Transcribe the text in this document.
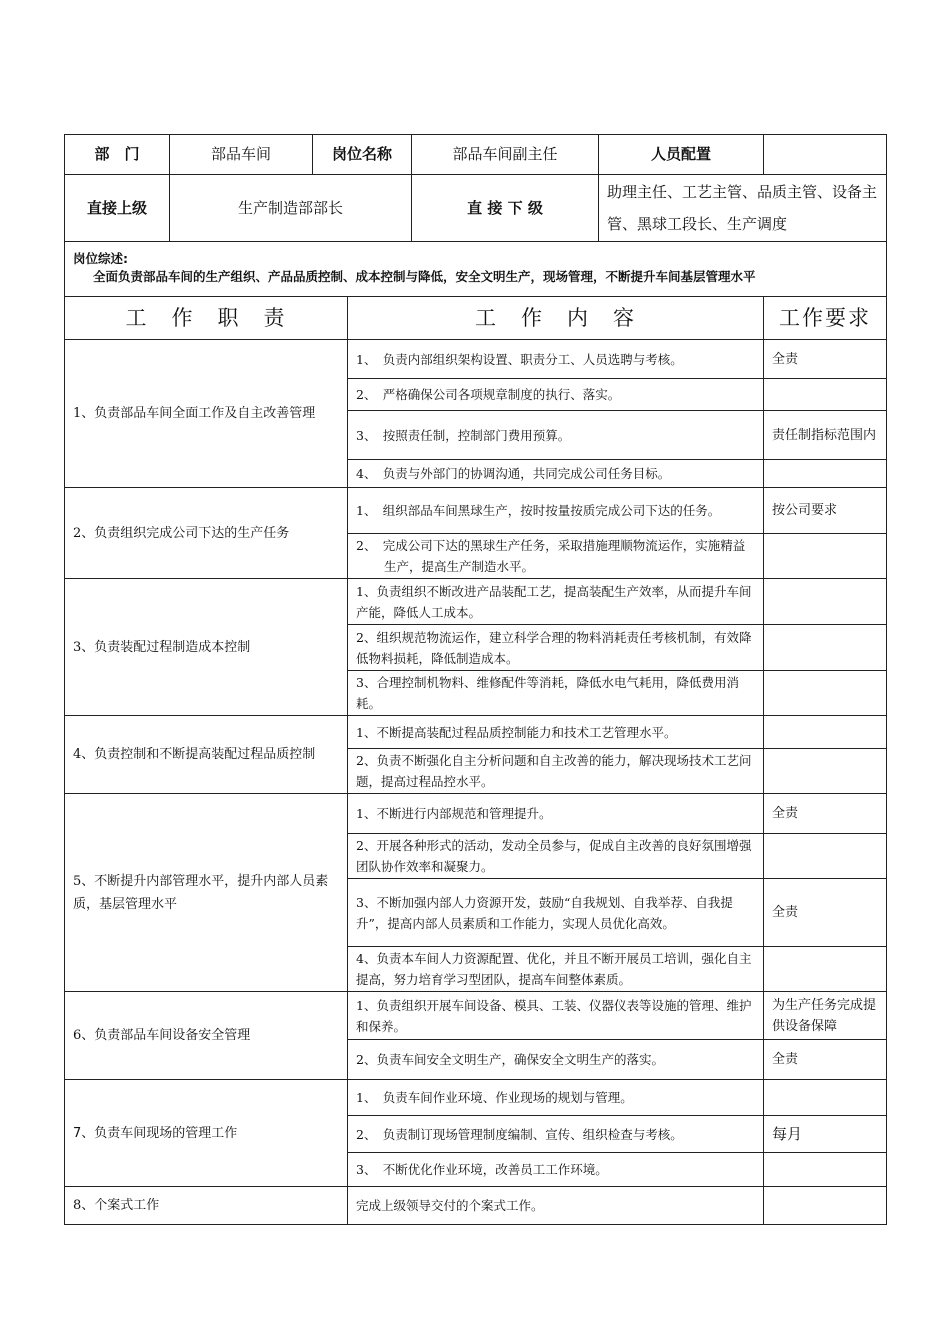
部　门	部品车间	岗位名称		部品车间副主任	人员配置	
直接上级	生产制造部部长			直 接 下 级	助理主任、工艺主管、品质主管、设备主管、黑球工段长、生产调度	
岗位综述:
全面负责部品车间的生产组织、产品品质控制、成本控制与降低，安全文明生产，现场管理，不断提升车间基层管理水平						

工　作　职　责			工　作　内　容			工作要求
1、负责部品车间全面工作及自主改善管理			1、　负责内部组织架构设置、职责分工、人员选聘与考核。			全责
			2、　严格确保公司各项规章制度的执行、落实。			
			3、　按照责任制，控制部门费用预算。			责任制指标范围内
			4、　负责与外部门的协调沟通，共同完成公司任务目标。			
2、负责组织完成公司下达的生产任务			1、　组织部品车间黑球生产，按时按量按质完成公司下达的任务。			按公司要求
			2、　完成公司下达的黑球生产任务，采取措施理顺物流运作，实施精益生产，提高生产制造水平。			
3、负责装配过程制造成本控制			1、负责组织不断改进产品装配工艺，提高装配生产效率，从而提升车间产能，降低人工成本。			
			2、组织规范物流运作，建立科学合理的物料消耗责任考核机制，有效降低物料损耗，降低制造成本。			
			3、合理控制机物料、维修配件等消耗，降低水电气耗用，降低费用消耗。			
4、负责控制和不断提高装配过程品质控制			1、不断提高装配过程品质控制能力和技术工艺管理水平。			
			2、负责不断强化自主分析问题和自主改善的能力，解决现场技术工艺问题，提高过程品控水平。			
5、不断提升内部管理水平，提升内部人员素质，基层管理水平			1、不断进行内部规范和管理提升。			全责
			2、开展各种形式的活动，发动全员参与，促成自主改善的良好氛围增强团队协作效率和凝聚力。			
			3、不断加强内部人力资源开发，鼓励“自我规划、自我举荐、自我提升”，提高内部人员素质和工作能力，实现人员优化高效。			全责
			4、负责本车间人力资源配置、优化，并且不断开展员工培训，强化自主提高，努力培育学习型团队，提高车间整体素质。			
6、负责部品车间设备安全管理			1、负责组织开展车间设备、模具、工装、仪器仪表等设施的管理、维护和保养。			为生产任务完成提供设备保障
			2、负责车间安全文明生产，确保安全文明生产的落实。			全责
7、负责车间现场的管理工作			1、　负责车间作业环境、作业现场的规划与管理。			
			2、　负责制订现场管理制度编制、宣传、组织检查与考核。			每月
			3、　不断优化作业环境，改善员工工作环境。			
8、个案式工作			完成上级领导交付的个案式工作。			
